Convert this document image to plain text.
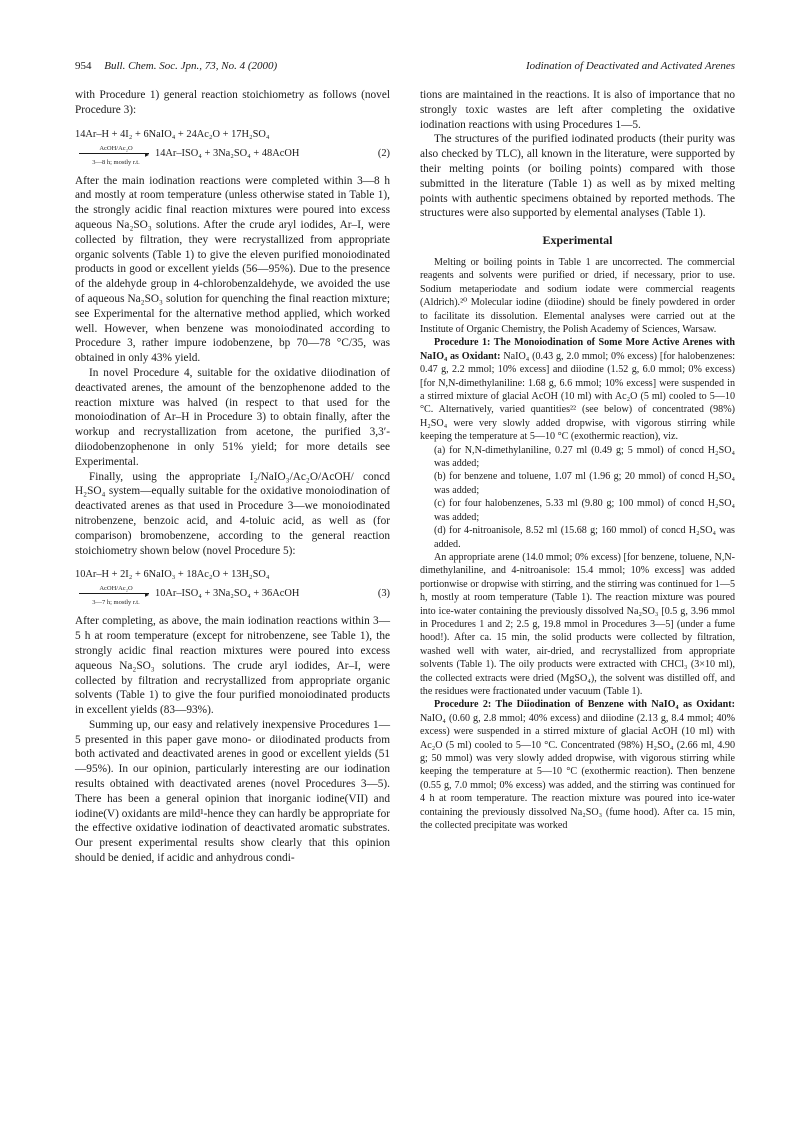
954 Bull. Chem. Soc. Jpn., 73, No. 4 (2000)	Iodination of Deactivated and Activated Arenes

with Procedure 1) general reaction stoichiometry as follows (novel Procedure 3):

14Ar–H + 4I₂ + 6NaIO₄ + 24Ac₂O + 17H₂SO₄
AcOH/Ac₂O
▸
3—8 h; mostly r.t.
14Ar–ISO₄ + 3Na₂SO₄ + 48AcOH	(2)

After the main iodination reactions were completed within 3—8 h and mostly at room temperature (unless otherwise stated in Table 1), the strongly acidic final reaction mixtures were poured into excess aqueous Na₂SO₃ solutions. After the crude aryl iodides, Ar–I, were collected by filtration, they were recrystallized from appropriate organic solvents (Table 1) to give the eleven purified monoiodinated products in good or excellent yields (56—95%). Due to the presence of the aldehyde group in 4-chlorobenzaldehyde, we avoided the use of aqueous Na₂SO₃ solution for quenching the final reaction mixture; see Experimental for the alternative method applied, which worked well. However, when benzene was monoiodinated according to Procedure 3, rather impure iodobenzene, bp 70—78 °C/35, was obtained in only 43% yield.

In novel Procedure 4, suitable for the oxidative diiodination of deactivated arenes, the amount of the benzophenone added to the reaction mixture was halved (in respect to that used for the monoiodination of Ar–H in Procedure 3) to obtain finally, after the workup and recrystallization from acetone, the purified 3,3′-diiodobenzophenone in only 51% yield; for more details see Experimental.

Finally, using the appropriate I₂/NaIO₃/Ac₂O/AcOH/ concd H₂SO₄ system—equally suitable for the oxidative monoiodination of deactivated arenes as that used in Procedure 3—we monoiodinated nitrobenzene, benzoic acid, and 4-toluic acid, as well as (for comparison) bromobenzene, according to the general reaction stoichiometry shown below (novel Procedure 5):

10Ar–H + 2I₂ + 6NaIO₃ + 18Ac₂O + 13H₂SO₄
AcOH/Ac₂O
▸
3—7 h; mostly r.t.
10Ar–ISO₄ + 3Na₂SO₄ + 36AcOH	(3)

After completing, as above, the main iodination reactions within 3—5 h at room temperature (except for nitrobenzene, see Table 1), the strongly acidic final reaction mixtures were poured into excess aqueous Na₂SO₃ solutions. The crude aryl iodides, Ar–I, were collected by filtration and recrystallized from appropriate organic solvents (Table 1) to give the four purified monoiodinated products in excellent yields (83—93%).

Summing up, our easy and relatively inexpensive Procedures 1—5 presented in this paper gave mono- or diiodinated products from both activated and deactivated arenes in good or excellent yields (51—95%). In our opinion, particularly interesting are our iodination results obtained with deactivated arenes (novel Procedures 3—5). There has been a general opinion that inorganic iodine(VII) and iodine(V) oxidants are mild¹-hence they can hardly be appropriate for the effective oxidative iodination of deactivated aromatic substrates. Our present experimental results show clearly that this opinion should be denied, if acidic and anhydrous condi-

tions are maintained in the reactions. It is also of importance that no strongly toxic wastes are left after completing the oxidative iodination reactions with using Procedures 1—5.

The structures of the purified iodinated products (their purity was also checked by TLC), all known in the literature, were supported by their melting points (or boiling points) compared with those submitted in the literature (Table 1) as well as by mixed melting points with authentic specimens obtained by reported methods. The structures were also supported by elemental analyses (Table 1).

Experimental

Melting or boiling points in Table 1 are uncorrected. The commercial reagents and solvents were purified or dried, if necessary, prior to use. Sodium metaperiodate and sodium iodate were commercial reagents (Aldrich).²⁰ Molecular iodine (diiodine) should be finely powdered in order to facilitate its dissolution. Elemental analyses were carried out at the Institute of Organic Chemistry, the Polish Academy of Sciences, Warsaw.

Procedure 1: The Monoiodination of Some More Active Arenes with NaIO₄ as Oxidant: NaIO₄ (0.43 g, 2.0 mmol; 0% excess) [for halobenzenes: 0.47 g, 2.2 mmol; 10% excess] and diiodine (1.52 g, 6.0 mmol; 0% excess) [for N,N-dimethylaniline: 1.68 g, 6.6 mmol; 10% excess] were suspended in a stirred mixture of glacial AcOH (10 ml) with Ac₂O (5 ml) cooled to 5—10 °C. Alternatively, varied quantities²² (see below) of concentrated (98%) H₂SO₄ were very slowly added dropwise, with vigorous stirring while keeping the temperature at 5—10 °C (exothermic reaction), viz.

(a) for N,N-dimethylaniline, 0.27 ml (0.49 g; 5 mmol) of concd H₂SO₄ was added;

(b) for benzene and toluene, 1.07 ml (1.96 g; 20 mmol) of concd H₂SO₄ was added;

(c) for four halobenzenes, 5.33 ml (9.80 g; 100 mmol) of concd H₂SO₄ was added;

(d) for 4-nitroanisole, 8.52 ml (15.68 g; 160 mmol) of concd H₂SO₄ was added.

An appropriate arene (14.0 mmol; 0% excess) [for benzene, toluene, N,N-dimethylaniline, and 4-nitroanisole: 15.4 mmol; 10% excess] was added portionwise or dropwise with stirring, and the stirring was continued for 1—5 h, mostly at room temperature (Table 1). The reaction mixture was poured into ice-water containing the previously dissolved Na₂SO₃ [0.5 g, 3.96 mmol in Procedures 1 and 2; 2.5 g, 19.8 mmol in Procedures 3—5] (under a fume hood!). After ca. 15 min, the solid products were collected by filtration, washed well with water, air-dried, and recrystallized from appropriate solvents (Table 1). The oily products were extracted with CHCl₃ (3×10 ml), the collected extracts were dried (MgSO₄), the solvent was distilled off, and the residues were fractionated under vacuum (Table 1).

Procedure 2: The Diiodination of Benzene with NaIO₄ as Oxidant: NaIO₄ (0.60 g, 2.8 mmol; 40% excess) and diiodine (2.13 g, 8.4 mmol; 40% excess) were suspended in a stirred mixture of glacial AcOH (10 ml) with Ac₂O (5 ml) cooled to 5—10 °C. Concentrated (98%) H₂SO₄ (2.66 ml, 4.90 g; 50 mmol) was very slowly added dropwise, with vigorous stirring while keeping the temperature at 5—10 °C (exothermic reaction). Then benzene (0.55 g, 7.0 mmol; 0% excess) was added, and the stirring was continued for 4 h at room temperature. The reaction mixture was poured into ice-water containing the previously dissolved Na₂SO₃ (fume hood). After ca. 15 min, the collected precipitate was worked
